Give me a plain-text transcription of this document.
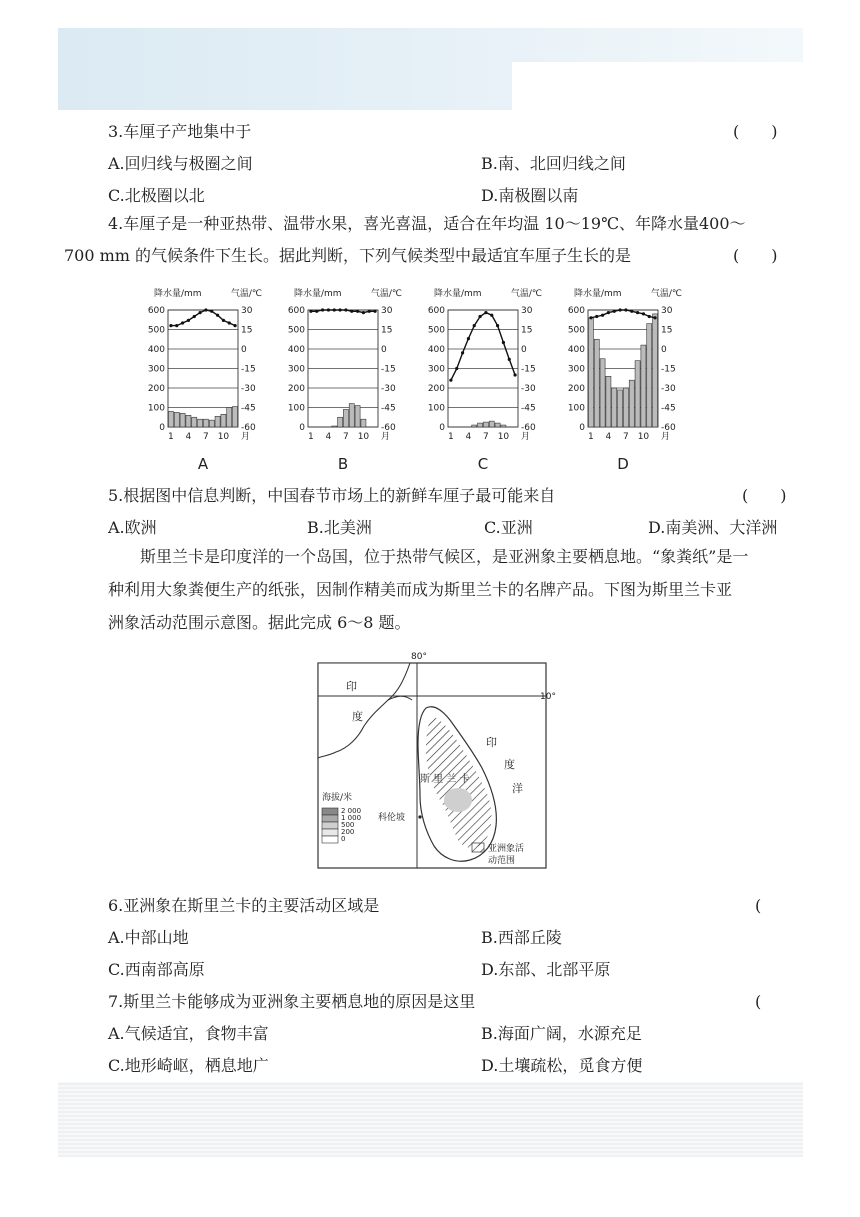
3.车厘子产地集中于	(　　)
A.回归线与极圈之间	B.南、北回归线之间
C.北极圈以北	D.南极圈以南
4.车厘子是一种亚热带、温带水果，喜光喜温，适合在年均温 10～19℃、年降水量400～
700 mm 的气候条件下生长。据此判断，下列气候类型中最适宜车厘子生长的是	(　　)
降水量/mm	气温/℃
600	30
500	15
400	0
300	-15
200	-30
100	-45
0	-60
1 4 7 10 月
A
降水量/mm	气温/℃
600	30
500	15
400	0
300	-15
200	-30
100	-45
0	-60
1 4 7 10 月
B
降水量/mm	气温/℃
600	30
500	15
400	0
300	-15
200	-30
100	-45
0	-60
1 4 7 10 月
C
降水量/mm	气温/℃
600	30
500	15
400	0
300	-15
200	-30
100	-45
0	-60
1 4 7 10 月
D
5.根据图中信息判断，中国春节市场上的新鲜车厘子最可能来自	(　　)
A.欧洲	B.北美洲	C.亚洲	D.南美洲、大洋洲
斯里兰卡是印度洋的一个岛国，位于热带气候区，是亚洲象主要栖息地。“象粪纸”是一
种利用大象粪便生产的纸张，因制作精美而成为斯里兰卡的名牌产品。下图为斯里兰卡亚
洲象活动范围示意图。据此完成 6～8 题。
80°
10°
印
度
印
度
洋
斯 里 兰 卡
科伦坡
海拔/米
2 000
1 000
500
200
0
亚洲象活
动范围
6.亚洲象在斯里兰卡的主要活动区域是	(
A.中部山地	B.西部丘陵
C.西南部高原	D.东部、北部平原
7.斯里兰卡能够成为亚洲象主要栖息地的原因是这里	(
A.气候适宜，食物丰富	B.海面广阔，水源充足
C.地形崎岖，栖息地广	D.土壤疏松，觅食方便
